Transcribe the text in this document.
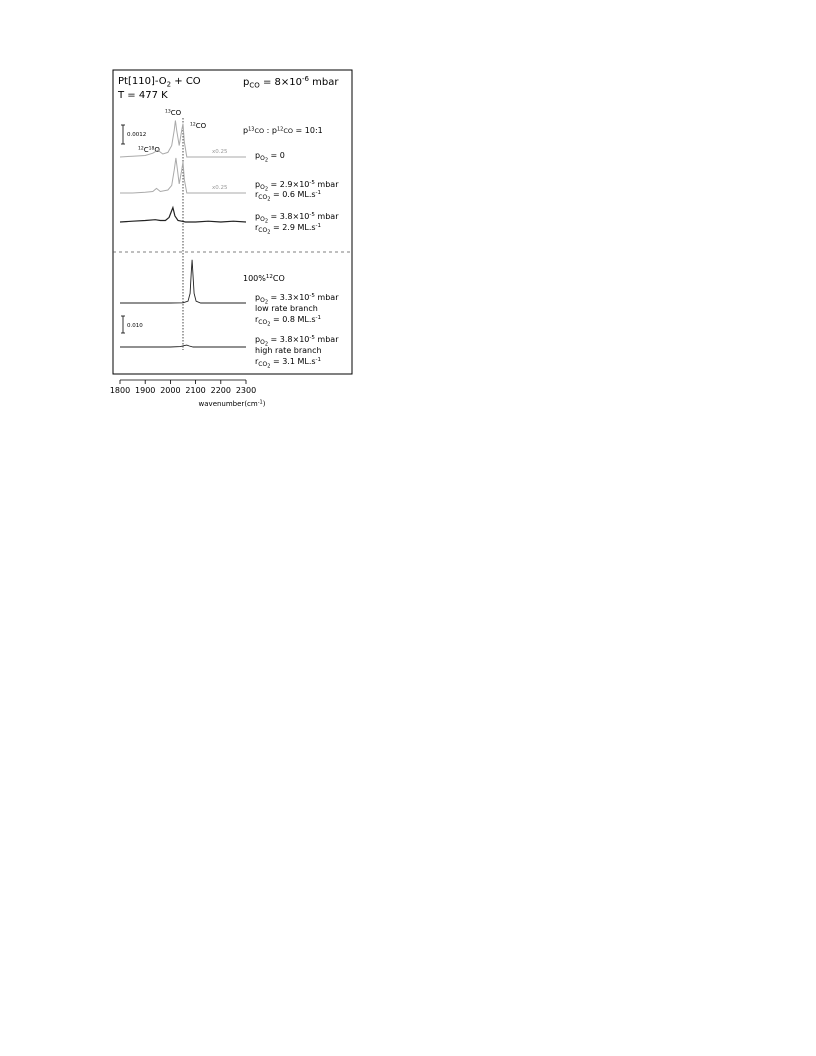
$Pt[110]-O_2$ + CO
T = 477 K
$p_{CO} = 8\times 10^{-6}$ mbar
0.0012
$^{13}$CO
$^{12}$CO
$^{12}C^{18}O$
$p^{13}_{CO}$ : $p^{12}_{CO}$ = 10:1
x0.25
x0.25
$p_O2 = 0$
$p_O2 = 2.9\times 10^{-5}$ mbar
$r_{CO}2 = 0.6$ $ML.s^{-1}$
$p_O2 = 3.8\times 10^{-5}$ mbar
$r_{CO}2 = 2.9$ $ML.s^{-1}$
100%$^{12}$CO
$p_O2 = 3.3\times 10^{-5}$ mbar
low rate branch
$r_{CO}2 = 0.8$ $ML.s^{-1}$
$p_O2 = 3.8\times 10^{-5}$ mbar
high rate branch
$r_{CO}2 = 3.1$ $ML.s^{-1}$
0.010
1800 1900 2000 2100 2200 2300
$wavenumber(cm^{-1})$
